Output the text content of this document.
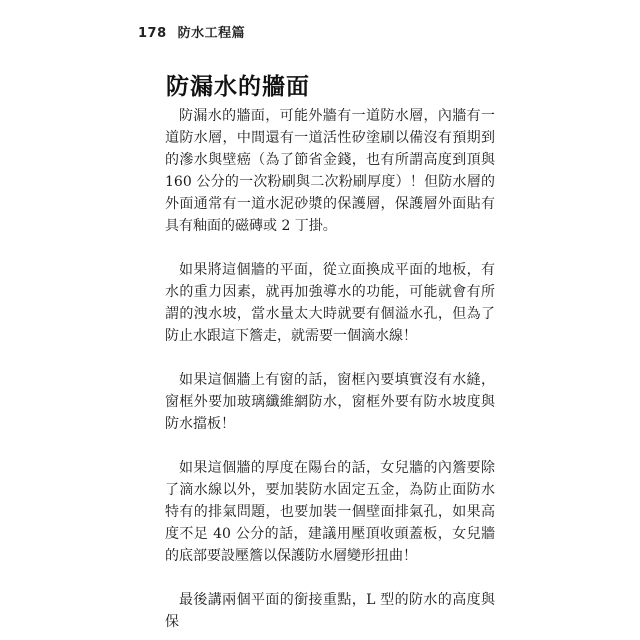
178 防水工程篇
防漏水的牆面

防漏水的牆面，可能外牆有一道防水層，內牆有一道防水層，中間還有一道活性矽塗刷以備沒有預期到的滲水與壁癌（為了節省金錢，也有所謂高度到頂與 160 公分的一次粉刷與二次粉刷厚度）！但防水層的外面通常有一道水泥砂漿的保護層，保護層外面貼有具有釉面的磁磚或 2 丁掛。

如果將這個牆的平面，從立面換成平面的地板，有水的重力因素，就再加強導水的功能，可能就會有所謂的洩水坡，當水量太大時就要有個溢水孔，但為了防止水跟這下簷走，就需要一個滴水線！

如果這個牆上有窗的話，窗框內要填實沒有水縫，窗框外要加玻璃纖維網防水，窗框外要有防水坡度與防水擋板！

如果這個牆的厚度在陽台的話，女兒牆的內簷要除了滴水線以外，要加裝防水固定五金，為防止面防水特有的排氣問題，也要加裝一個壁面排氣孔，如果高度不足 40 公分的話，建議用壓頂收頭蓋板，女兒牆的底部要設壓簷以保護防水層變形扭曲！

最後講兩個平面的銜接重點，L 型的防水的高度與保
